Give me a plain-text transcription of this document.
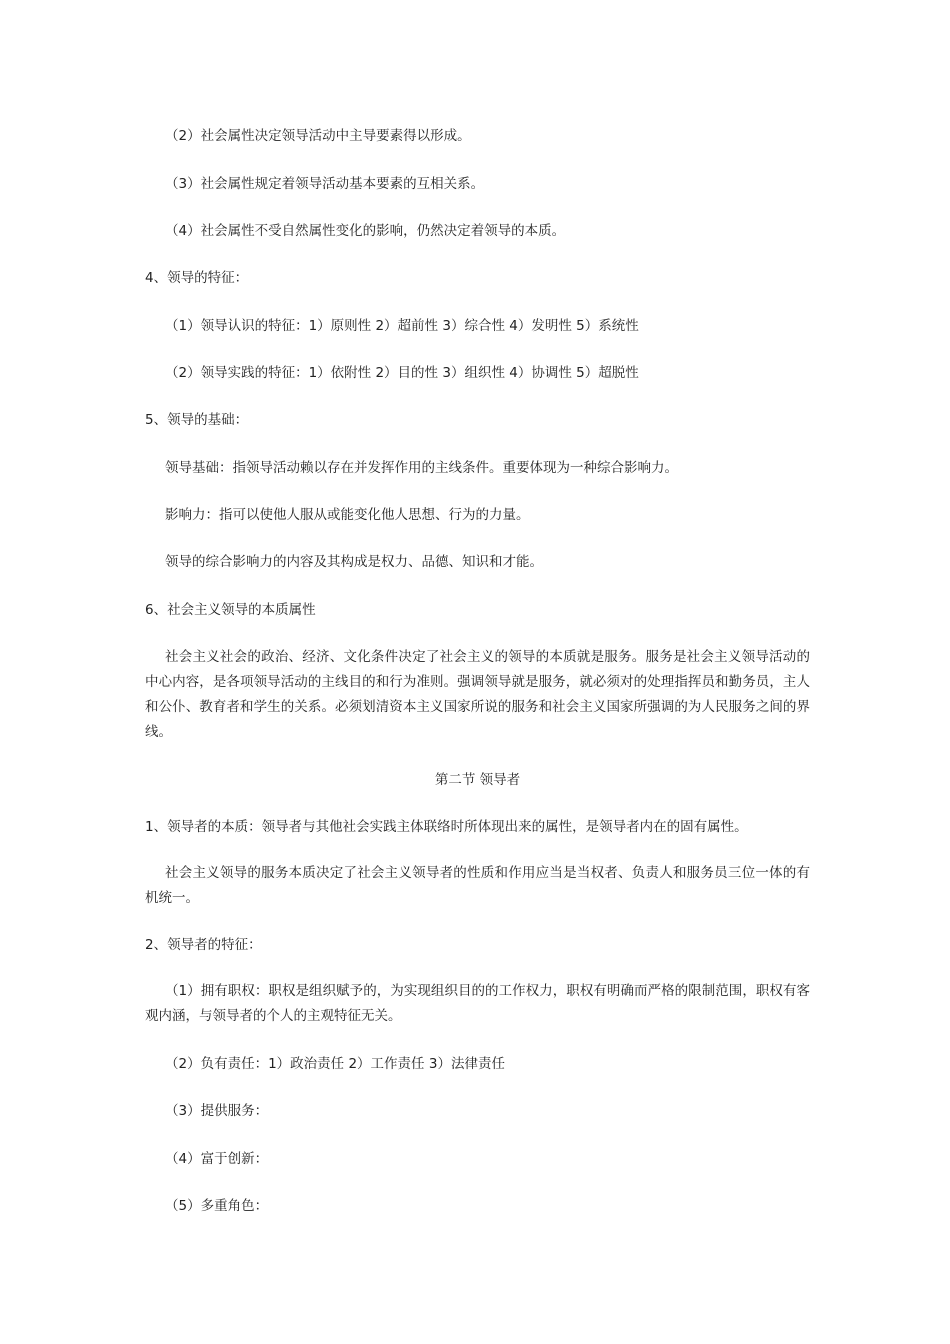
（2）社会属性决定领导活动中主导要素得以形成。
（3）社会属性规定着领导活动基本要素的互相关系。
（4）社会属性不受自然属性变化的影响，仍然决定着领导的本质。
4、领导的特征：
（1）领导认识的特征：1）原则性 2）超前性 3）综合性 4）发明性 5）系统性
（2）领导实践的特征：1）依附性 2）目的性 3）组织性 4）协调性 5）超脱性
5、领导的基础：
领导基础：指领导活动赖以存在并发挥作用的主线条件。重要体现为一种综合影响力。
影响力：指可以使他人服从或能变化他人思想、行为的力量。
领导的综合影响力的内容及其构成是权力、品德、知识和才能。
6、社会主义领导的本质属性
社会主义社会的政治、经济、文化条件决定了社会主义的领导的本质就是服务。服务是社会主义领导活动的中心内容，是各项领导活动的主线目的和行为准则。强调领导就是服务，就必须对的处理指挥员和勤务员，主人和公仆、教育者和学生的关系。必须划清资本主义国家所说的服务和社会主义国家所强调的为人民服务之间的界线。
第二节 领导者
1、领导者的本质：领导者与其他社会实践主体联络时所体现出来的属性，是领导者内在的固有属性。
社会主义领导的服务本质决定了社会主义领导者的性质和作用应当是当权者、负责人和服务员三位一体的有机统一。
2、领导者的特征：
（1）拥有职权：职权是组织赋予的，为实现组织目的的工作权力，职权有明确而严格的限制范围，职权有客观内涵，与领导者的个人的主观特征无关。
（2）负有责任：1）政治责任 2）工作责任 3）法律责任
（3）提供服务：
（4）富于创新：
（5）多重角色：
